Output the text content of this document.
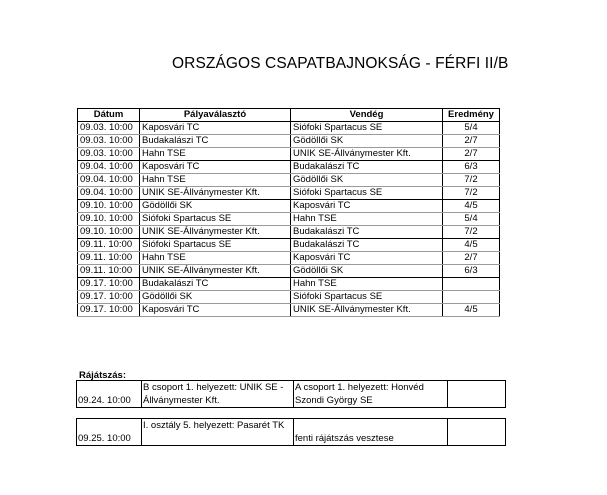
ORSZÁGOS CSAPATBAJNOKSÁG - FÉRFI II/B
Dátum	Pályaválasztó	Vendég	Eredmény
09.03. 10:00	Kaposvári TC	Siófoki Spartacus SE	5/4
09.03. 10:00	Budakalászi TC	Gödöllői SK	2/7
09.03. 10:00	Hahn TSE	UNIK SE-Állványmester Kft.	2/7
09.04. 10:00	Kaposvári TC	Budakalászi TC	6/3
09.04. 10:00	Hahn TSE	Gödöllői SK	7/2
09.04. 10:00	UNIK SE-Állványmester Kft.	Siófoki Spartacus SE	7/2
09.10. 10:00	Gödöllői SK	Kaposvári TC	4/5
09.10. 10:00	Siófoki Spartacus SE	Hahn TSE	5/4
09.10. 10:00	UNIK SE-Állványmester Kft.	Budakalászi TC	7/2
09.11. 10:00	Siófoki Spartacus SE	Budakalászi TC	4/5
09.11. 10:00	Hahn TSE	Kaposvári TC	2/7
09.11. 10:00	UNIK SE-Állványmester Kft.	Gödöllői SK	6/3
09.17. 10:00	Budakalászi TC	Hahn TSE	
09.17. 10:00	Gödöllői SK	Siófoki Spartacus SE	
09.17. 10:00	Kaposvári TC	UNIK SE-Állványmester Kft.	4/5
Rájátszás:
09.24. 10:00	B csoport 1. helyezett: UNIK SE - Állványmester Kft.	A csoport 1. helyezett: Honvéd Szondi György SE	
09.25. 10:00	I. osztály 5. helyezett: Pasarét TK	fenti rájátszás vesztese	
